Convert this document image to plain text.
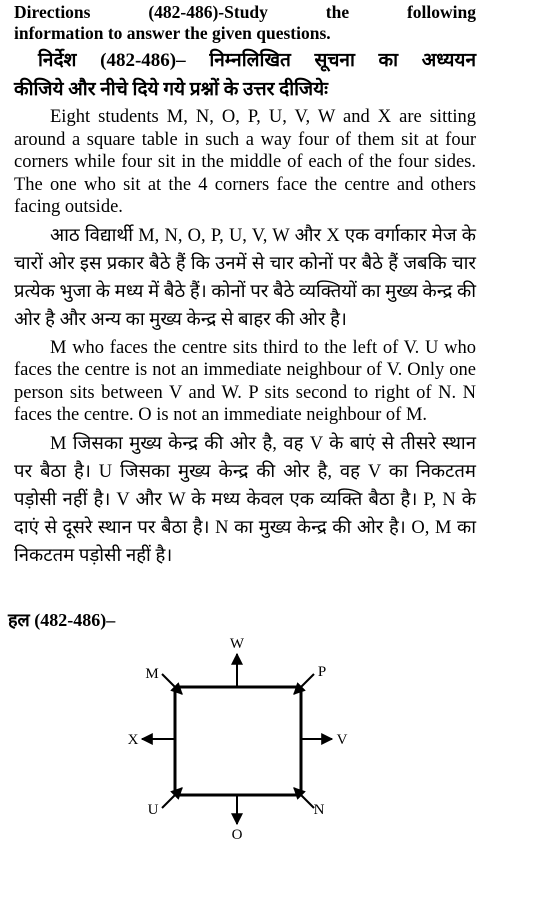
Directions (482-486)-Study the following

information to answer the given questions.

निर्देश (482-486)– निम्नलिखित सूचना का अध्ययन

कीजिये और नीचे दिये गये प्रश्नों के उत्तर दीजियेः

Eight students M, N, O, P, U, V, W and X are sitting around a square table in such a way four of them sit at four corners while four sit in the middle of each of the four sides. The one who sit at the 4 corners face the centre and others facing outside.

आठ विद्यार्थी M, N, O, P, U, V, W और X एक वर्गाकार मेज के चारों ओर इस प्रकार बैठे हैं कि उनमें से चार कोनों पर बैठे हैं जबकि चार प्रत्येक भुजा के मध्य में बैठे हैं। कोनों पर बैठे व्यक्तियों का मुख्य केन्द्र की ओर है और अन्य का मुख्य केन्द्र से बाहर की ओर है।

M who faces the centre sits third to the left of V. U who faces the centre is not an immediate neighbour of V. Only one person sits between V and W. P sits second to right of N. N faces the centre. O is not an immediate neighbour of M.

M जिसका मुख्य केन्द्र की ओर है, वह V के बाएं से तीसरे स्थान पर बैठा है। U जिसका मुख्य केन्द्र की ओर है, वह V का निकटतम पड़ोसी नहीं है। V और W के मध्य केवल एक व्यक्ति बैठा है। P, N के दाएं से दूसरे स्थान पर बैठा है। N का मुख्य केन्द्र की ओर है। O, M का निकटतम पड़ोसी नहीं है।

हल (482-486)–
W
P
M
X	V
U	N
O
